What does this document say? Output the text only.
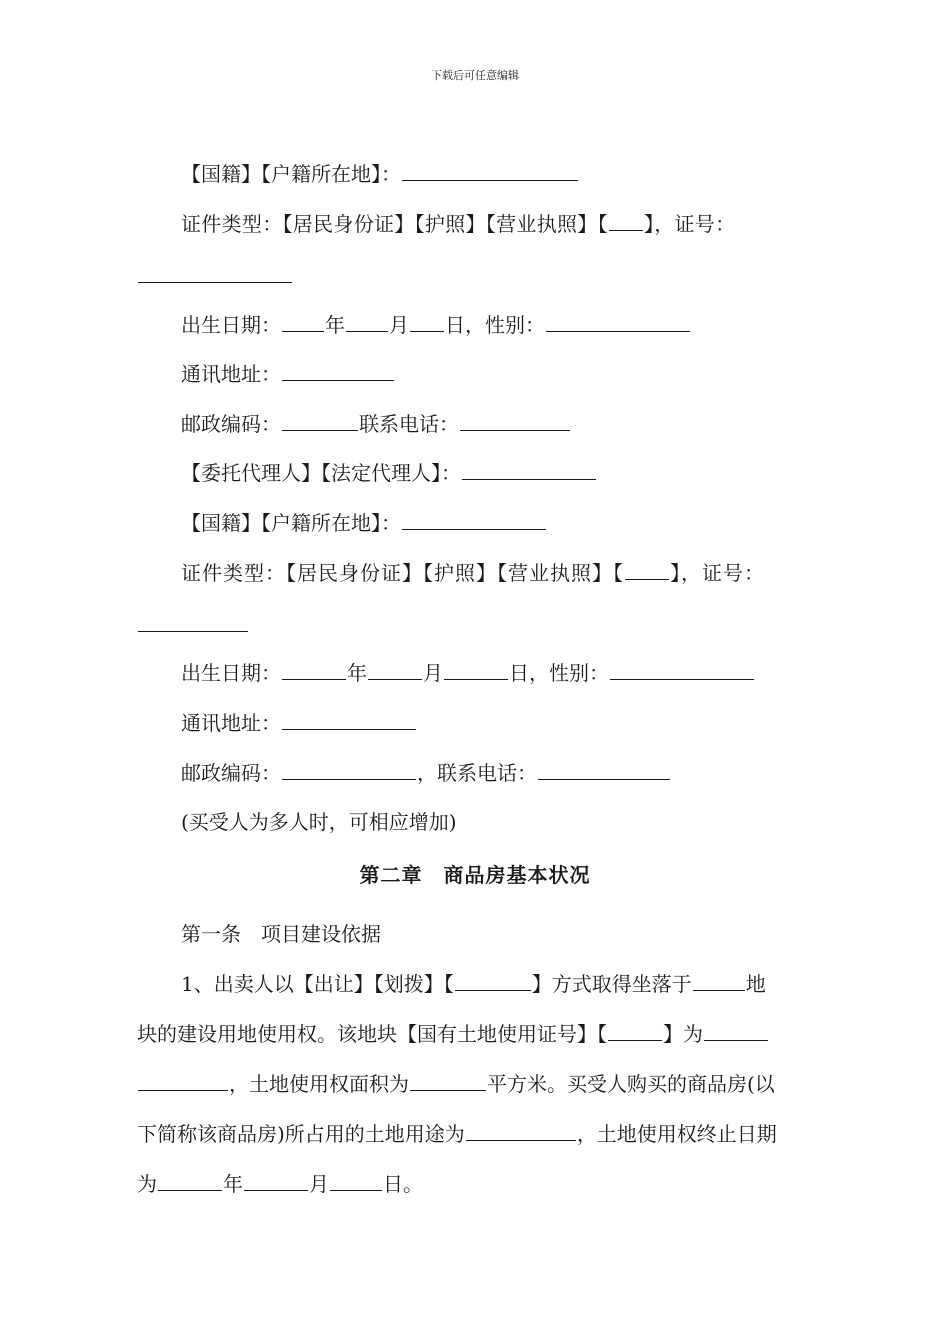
下载后可任意编辑
【国籍】【户籍所在地】：
证件类型：【居民身份证】【护照】【营业执照】【 】，证号：
出生日期： 年 月 日，性别：
通讯地址：
邮政编码：	联系电话：
【委托代理人】【法定代理人】：
【国籍】【户籍所在地】：
证件类型：【居民身份证】【护照】【营业执照】【 】，证号：
出生日期：	年	月	日，性别：
通讯地址：
邮政编码：	，联系电话：
(买受人为多人时，可相应增加)
第二章　商品房基本状况
第一条　项目建设依据
1、出卖人以【出让】【划拨】【	】方式取得坐落于	地
块的建设用地使用权。该地块【国有土地使用证号】【	】为
，土地使用权面积为	平方米。买受人购买的商品房(以
下简称该商品房)所占用的土地用途为	，土地使用权终止日期
为	年	月	日。
